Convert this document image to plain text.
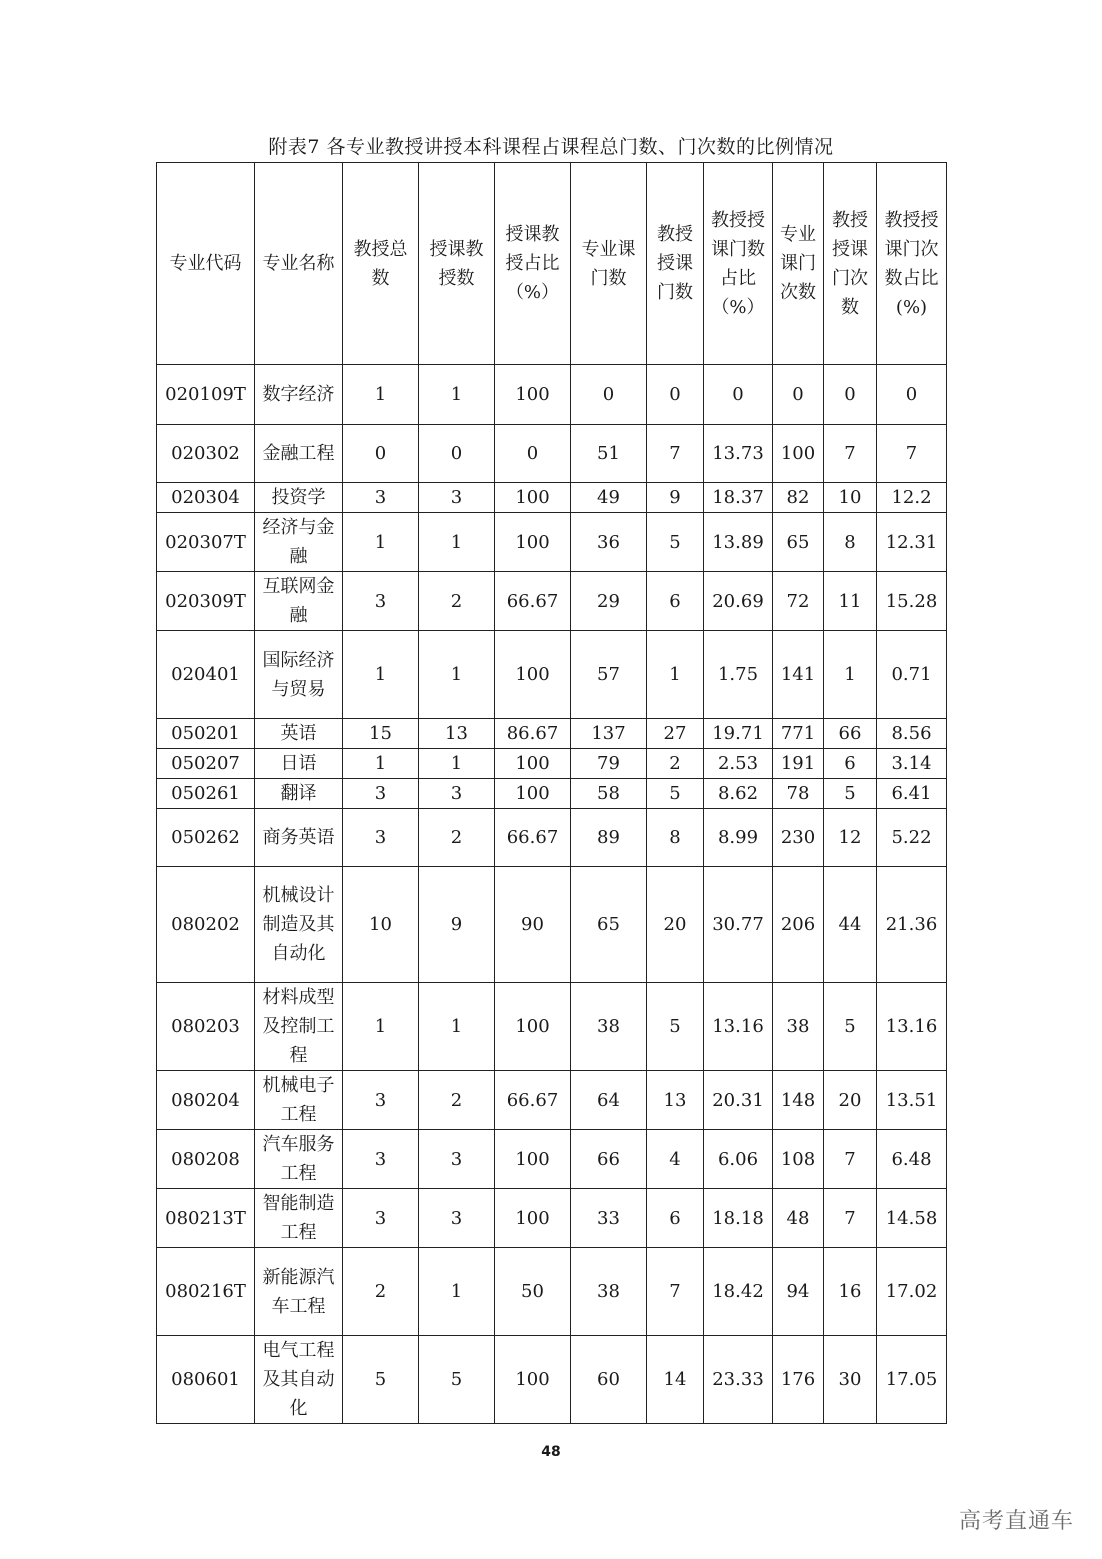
附表7 各专业教授讲授本科课程占课程总门数、门次数的比例情况
专业代码	专业名称	教授总数	授课教授数	授课教授占比（%）	专业课门数	教授授课门数	教授授课门数占比（%）	专业课门次数	教授授课门次数	教授授课门次数占比(%)
020109T	数字经济	1	1	100	0	0	0	0	0	0
020302	金融工程	0	0	0	51	7	13.73	100	7	7
020304	投资学	3	3	100	49	9	18.37	82	10	12.2
020307T	经济与金融	1	1	100	36	5	13.89	65	8	12.31
020309T	互联网金融	3	2	66.67	29	6	20.69	72	11	15.28
020401	国际经济与贸易	1	1	100	57	1	1.75	141	1	0.71
050201	英语	15	13	86.67	137	27	19.71	771	66	8.56
050207	日语	1	1	100	79	2	2.53	191	6	3.14
050261	翻译	3	3	100	58	5	8.62	78	5	6.41
050262	商务英语	3	2	66.67	89	8	8.99	230	12	5.22
080202	机械设计制造及其自动化	10	9	90	65	20	30.77	206	44	21.36
080203	材料成型及控制工程	1	1	100	38	5	13.16	38	5	13.16
080204	机械电子工程	3	2	66.67	64	13	20.31	148	20	13.51
080208	汽车服务工程	3	3	100	66	4	6.06	108	7	6.48
080213T	智能制造工程	3	3	100	33	6	18.18	48	7	14.58
080216T	新能源汽车工程	2	1	50	38	7	18.42	94	16	17.02
080601	电气工程及其自动化	5	5	100	60	14	23.33	176	30	17.05
48
高考直通车
